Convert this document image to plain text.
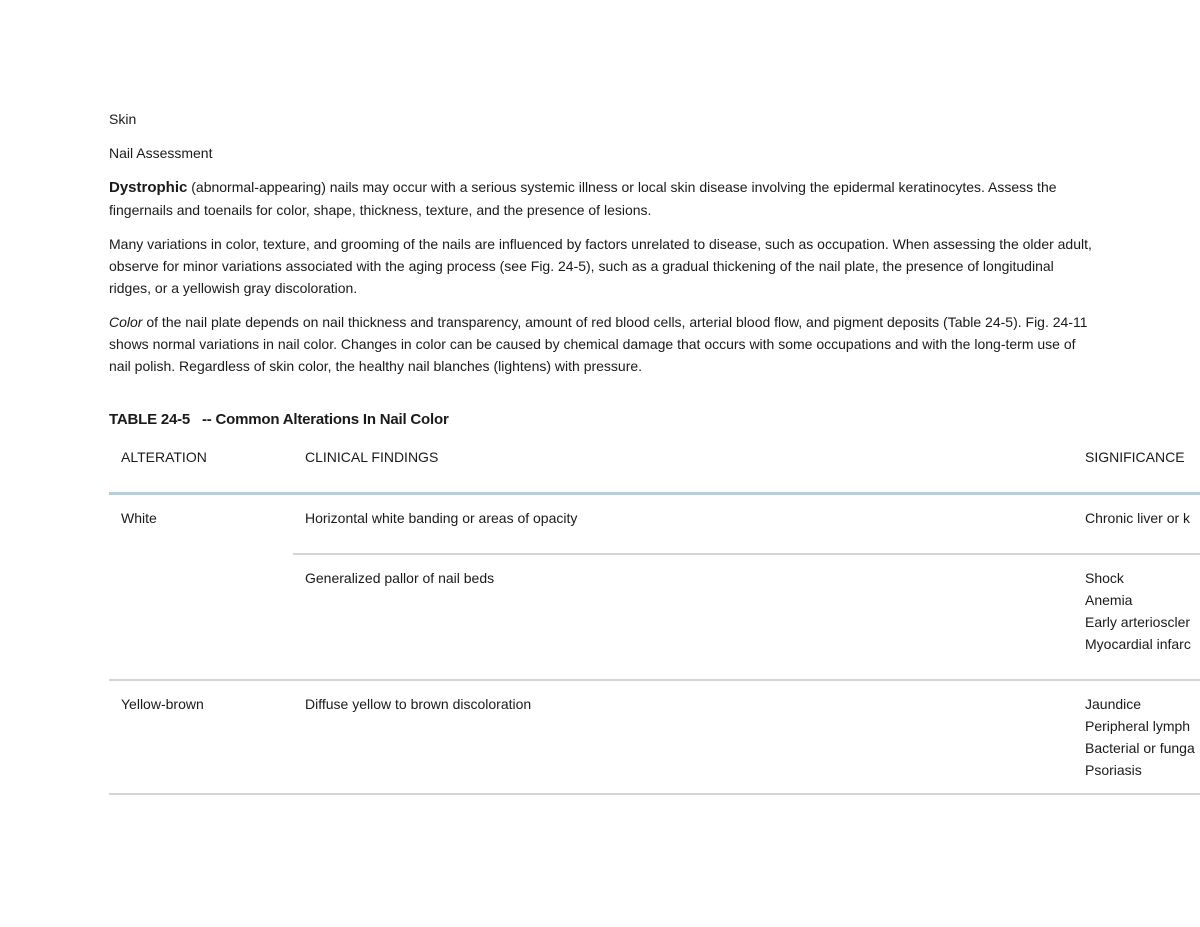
Skin

Nail Assessment

Dystrophic (abnormal-appearing) nails may occur with a serious systemic illness or local skin disease involving the epidermal keratinocytes. Assess the fingernails and toenails for color, shape, thickness, texture, and the presence of lesions.

Many variations in color, texture, and grooming of the nails are influenced by factors unrelated to disease, such as occupation. When assessing the older adult, observe for minor variations associated with the aging process (see Fig. 24-5), such as a gradual thickening of the nail plate, the presence of longitudinal ridges, or a yellowish gray discoloration.

Color of the nail plate depends on nail thickness and transparency, amount of red blood cells, arterial blood flow, and pigment deposits (Table 24-5). Fig. 24-11 shows normal variations in nail color. Changes in color can be caused by chemical damage that occurs with some occupations and with the long-term use of nail polish. Regardless of skin color, the healthy nail blanches (lightens) with pressure.

TABLE 24-5   -- Common Alterations In Nail Color
ALTERATION	CLINICAL FINDINGS	SIGNIFICANCE
White	Horizontal white banding or areas of opacity	Chronic liver or k

	Generalized pallor of nail beds	Shock
Anemia
Early arterioscler
Myocardial infarc

Yellow-brown	Diffuse yellow to brown discoloration	Jaundice
Peripheral lymph
Bacterial or funga
Psoriasis
